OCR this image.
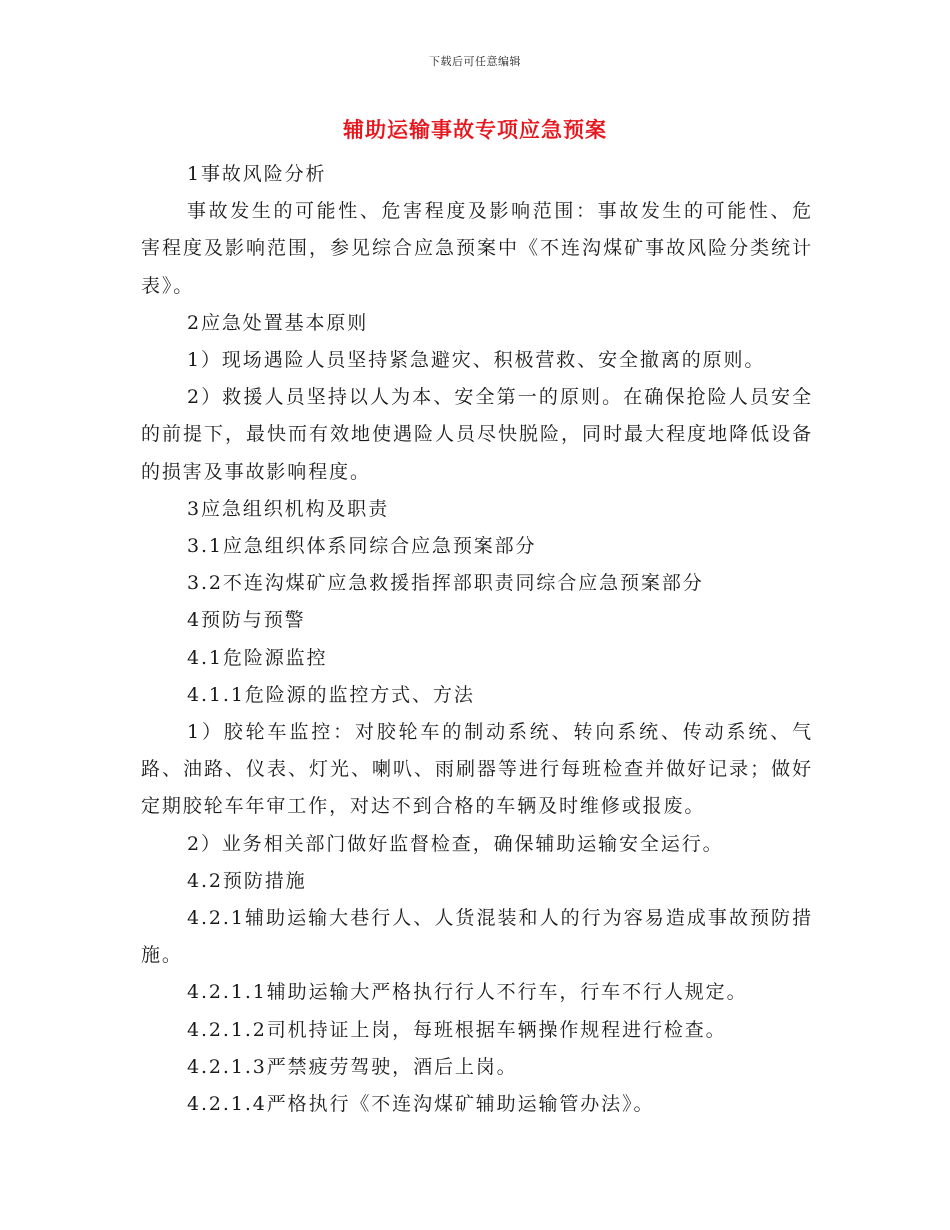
下载后可任意编辑
辅助运输事故专项应急预案

1事故风险分析

事故发生的可能性、危害程度及影响范围：事故发生的可能性、危害程度及影响范围，参见综合应急预案中《不连沟煤矿事故风险分类统计表》。

2应急处置基本原则

1）现场遇险人员坚持紧急避灾、积极营救、安全撤离的原则。

2）救援人员坚持以人为本、安全第一的原则。在确保抢险人员安全的前提下，最快而有效地使遇险人员尽快脱险，同时最大程度地降低设备的损害及事故影响程度。

3应急组织机构及职责

3.1应急组织体系同综合应急预案部分

3.2不连沟煤矿应急救援指挥部职责同综合应急预案部分

4预防与预警

4.1危险源监控

4.1.1危险源的监控方式、方法

1）胶轮车监控：对胶轮车的制动系统、转向系统、传动系统、气路、油路、仪表、灯光、喇叭、雨刷器等进行每班检查并做好记录；做好定期胶轮车年审工作，对达不到合格的车辆及时维修或报废。

2）业务相关部门做好监督检查，确保辅助运输安全运行。

4.2预防措施

4.2.1辅助运输大巷行人、人货混装和人的行为容易造成事故预防措施。

4.2.1.1辅助运输大严格执行行人不行车，行车不行人规定。

4.2.1.2司机持证上岗，每班根据车辆操作规程进行检查。

4.2.1.3严禁疲劳驾驶，酒后上岗。

4.2.1.4严格执行《不连沟煤矿辅助运输管办法》。
